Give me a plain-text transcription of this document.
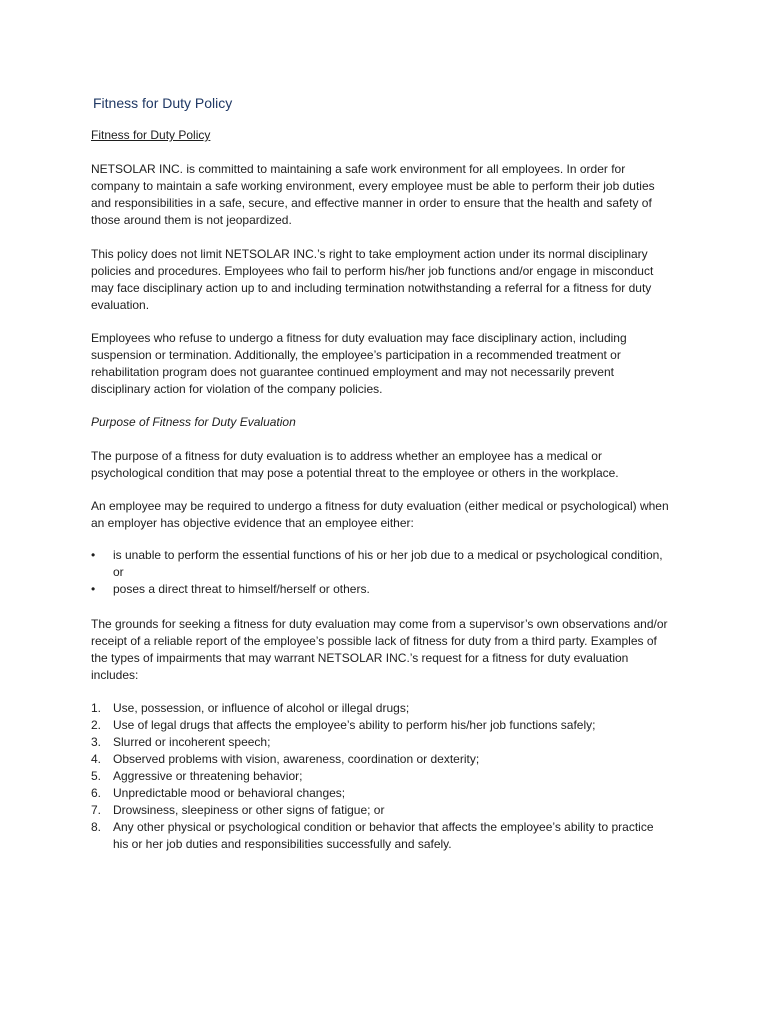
Fitness for Duty Policy
Fitness for Duty Policy

NETSOLAR INC. is committed to maintaining a safe work environment for all employees. In order for company to maintain a safe working environment, every employee must be able to perform their job duties and responsibilities in a safe, secure, and effective manner in order to ensure that the health and safety of those around them is not jeopardized.

This policy does not limit NETSOLAR INC.’s right to take employment action under its normal disciplinary policies and procedures. Employees who fail to perform his/her job functions and/or engage in misconduct may face disciplinary action up to and including termination notwithstanding a referral for a fitness for duty evaluation.

Employees who refuse to undergo a fitness for duty evaluation may face disciplinary action, including suspension or termination. Additionally, the employee’s participation in a recommended treatment or rehabilitation program does not guarantee continued employment and may not necessarily prevent disciplinary action for violation of the company policies.

Purpose of Fitness for Duty Evaluation

The purpose of a fitness for duty evaluation is to address whether an employee has a medical or psychological condition that may pose a potential threat to the employee or others in the workplace.

An employee may be required to undergo a fitness for duty evaluation (either medical or psychological) when an employer has objective evidence that an employee either:

• is unable to perform the essential functions of his or her job due to a medical or psychological condition, or
• poses a direct threat to himself/herself or others.

The grounds for seeking a fitness for duty evaluation may come from a supervisor’s own observations and/or receipt of a reliable report of the employee’s possible lack of fitness for duty from a third party. Examples of the types of impairments that may warrant NETSOLAR INC.’s request for a fitness for duty evaluation includes:

1. Use, possession, or influence of alcohol or illegal drugs;
2. Use of legal drugs that affects the employee’s ability to perform his/her job functions safely;
3. Slurred or incoherent speech;
4. Observed problems with vision, awareness, coordination or dexterity;
5. Aggressive or threatening behavior;
6. Unpredictable mood or behavioral changes;
7. Drowsiness, sleepiness or other signs of fatigue; or
8. Any other physical or psychological condition or behavior that affects the employee’s ability to practice his or her job duties and responsibilities successfully and safely.
